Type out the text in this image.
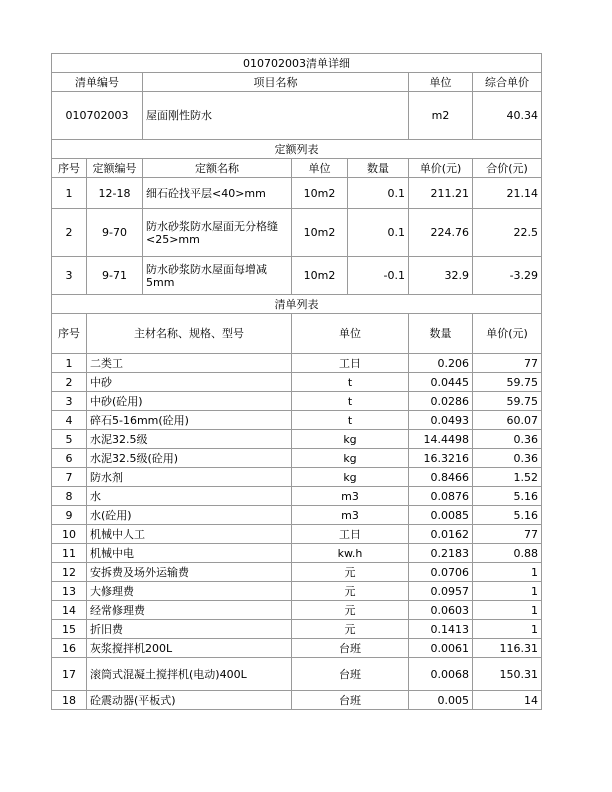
010702003清单详细							
清单编号		项目名称			单位	综合单价	
010702003		屋面刚性防水			m2	40.34	
定额列表							
序号	定额编号	定额名称	单位	数量	单价(元)	合价(元)	
1	12-18	细石砼找平层<40>mm	10m2	0.1	211.21	21.14	
2	9-70	防水砂浆防水屋面无分格缝<25>mm	10m2	0.1	224.76	22.5	
3	9-71	防水砂浆防水屋面每增减5mm	10m2	-0.1	32.9	-3.29	
清单列表							
序号	主材名称、规格、型号		单位		数量	单价(元)	
1	二类工		工日		0.206	77	
2	中砂		t		0.0445	59.75	
3	中砂(砼用)		t		0.0286	59.75	
4	碎石5-16mm(砼用)		t		0.0493	60.07	
5	水泥32.5级		kg		14.4498	0.36	
6	水泥32.5级(砼用)		kg		16.3216	0.36	
7	防水剂		kg		0.8466	1.52	
8	水		m3		0.0876	5.16	
9	水(砼用)		m3		0.0085	5.16	
10	机械中人工		工日		0.0162	77	
11	机械中电		kw.h		0.2183	0.88	
12	安拆费及场外运输费		元		0.0706	1	
13	大修理费		元		0.0957	1	
14	经常修理费		元		0.0603	1	
15	折旧费		元		0.1413	1	
16	灰浆搅拌机200L		台班		0.0061	116.31	
17	滚筒式混凝土搅拌机(电动)400L		台班		0.0068	150.31	
18	砼震动器(平板式)		台班		0.005	14	
